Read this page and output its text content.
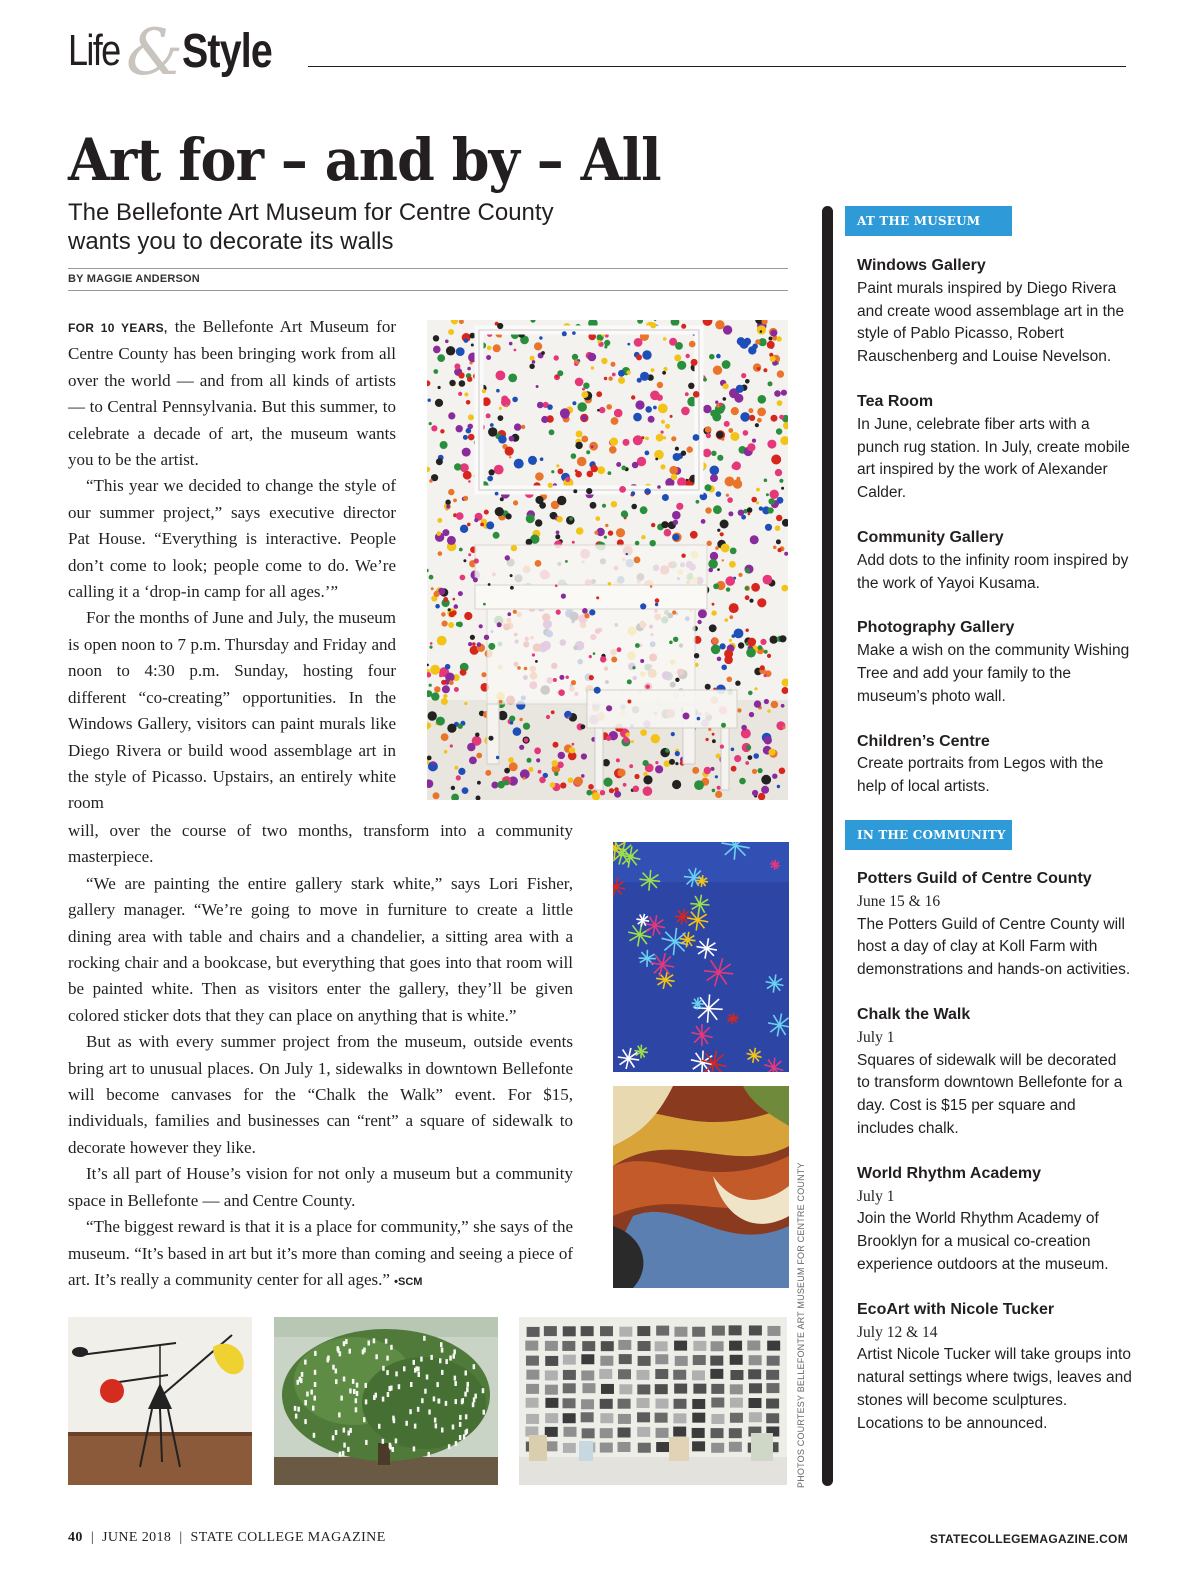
Life & Style
Art for – and by – All
The Bellefonte Art Museum for Centre County
wants you to decorate its walls
BY MAGGIE ANDERSON

FOR 10 YEARS, the Bellefonte Art Museum for Centre County has been bringing work from all over the world — and from all kinds of artists — to Central Pennsylvania. But this summer, to celebrate a decade of art, the museum wants you to be the artist.

“This year we decided to change the style of our summer project,” says executive director Pat House. “Everything is interactive. People don’t come to look; people come to do. We’re calling it a ‘drop-in camp for all ages.’”

For the months of June and July, the museum is open noon to 7 p.m. Thursday and Friday and noon to 4:30 p.m. Sunday, hosting four different “co-creating” opportunities. In the Windows Gallery, visitors can paint murals like Diego Rivera or build wood assemblage art in the style of Picasso. Upstairs, an entirely white room

will, over the course of two months, transform into a community masterpiece.

“We are painting the entire gallery stark white,” says Lori Fisher, gallery manager. “We’re going to move in furniture to create a little dining area with table and chairs and a chandelier, a sitting area with a rocking chair and a bookcase, but everything that goes into that room will be painted white. Then as visitors enter the gallery, they’ll be given colored sticker dots that they can place on anything that is white.”

But as with every summer project from the museum, outside events bring art to unusual places. On July 1, sidewalks in downtown Bellefonte will become canvases for the “Chalk the Walk” event. For $15, individuals, families and businesses can “rent” a square of sidewalk to decorate however they like.

It’s all part of House’s vision for not only a museum but a community space in Bellefonte — and Centre County.

“The biggest reward is that it is a place for community,” she says of the museum. “It’s based in art but it’s more than coming and seeing a piece of art. It’s really a community center for all ages.” •SCM	PHOTOS COURTESY BELLEFONTE ART MUSEUM FOR CENTRE COUNTY
AT THE MUSEUM
Windows Gallery
Paint murals inspired by Diego Rivera and create wood assemblage art in the style of Pablo Picasso, Robert Rauschenberg and Louise Nevelson.
Tea Room
In June, celebrate fiber arts with a punch rug station. In July, create mobile art inspired by the work of Alexander Calder.
Community Gallery
Add dots to the infinity room inspired by the work of Yayoi Kusama.
Photography Gallery
Make a wish on the community Wishing Tree and add your family to the museum’s photo wall.
Children’s Centre
Create portraits from Legos with the help of local artists.
IN THE COMMUNITY
Potters Guild of Centre County
June 15 & 16
The Potters Guild of Centre County will host a day of clay at Koll Farm with demonstrations and hands-on activities.
Chalk the Walk
July 1
Squares of sidewalk will be decorated to transform downtown Bellefonte for a day. Cost is $15 per square and includes chalk.
World Rhythm Academy
July 1
Join the World Rhythm Academy of Brooklyn for a musical co-creation experience outdoors at the museum.
EcoArt with Nicole Tucker
July 12 & 14
Artist Nicole Tucker will take groups into natural settings where twigs, leaves and stones will become sculptures. Locations to be announced.
40 | JUNE 2018 | STATE COLLEGE MAGAZINE	STATECOLLEGEMAGAZINE.COM
